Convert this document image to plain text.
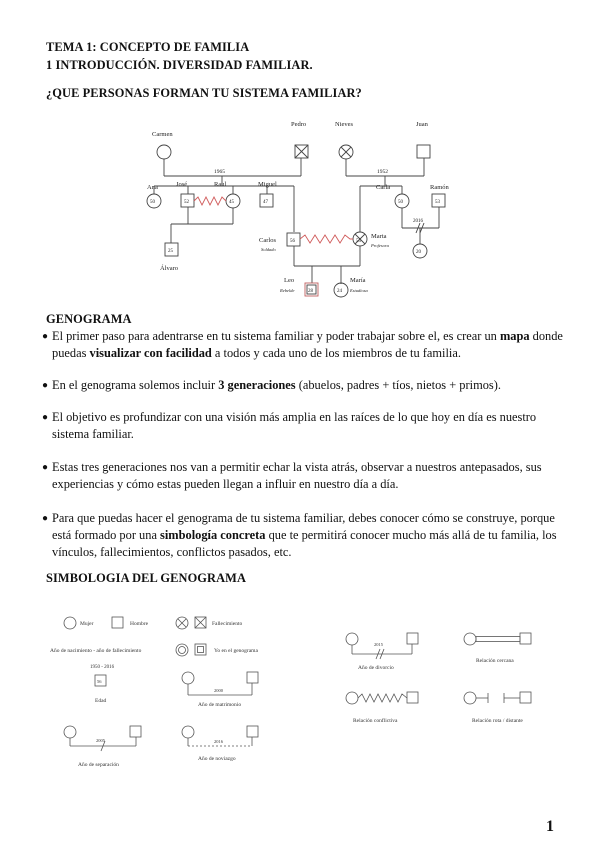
TEMA 1: CONCEPTO DE FAMILIA
1 INTRODUCCIÓN. DIVERSIDAD FAMILIAR.
¿QUE PERSONAS FORMAN TU SISTEMA FAMILIAR?
Carmen
Pedro	Nieves	Juan
1965	1952
Ana	José	Raul	Miguel	Carla	Ramón
50	52	45	47	50	53
2016
25
Álvaro
Carlos
Soldado
56	55
Marta
Profesora
20
Leo
Rebelde	28	24
María
Estudiosa
GENOGRAMA
● El primer paso para adentrarse en tu sistema familiar y poder trabajar sobre el, es crear un mapa donde puedas visualizar con facilidad a todos y cada uno de los miembros de tu familia.
● En el genograma solemos incluir 3 generaciones (abuelos, padres + tíos, nietos + primos).
● El objetivo es profundizar con una visión más amplia en las raíces de lo que hoy en día es nuestro sistema familiar.
● Estas tres generaciones nos van a permitir echar la vista atrás, observar a nuestros antepasados, sus experiencias y cómo estas pueden llegan a influir en nuestro día a día.
● Para que puedas hacer el genograma de tu sistema familiar, debes conocer cómo se construye, porque está formado por una simbología concreta que te permitirá conocer mucho más allá de tu familia, los vínculos, fallecimientos, conflictos pasados, etc.
SIMBOLOGIA DEL GENOGRAMA
Mujer	Hombre	Fallecimiento
Año de nacimiento - año de fallecimiento	Yo en el genograma
1950 - 2016
56
Edad
2000
Año de matrimonio
2005
Año de separación
2016
Año de noviazgo
2015
Año de divorcio
Relación cercana
Relación conflictiva	Relación rota / distante
1
